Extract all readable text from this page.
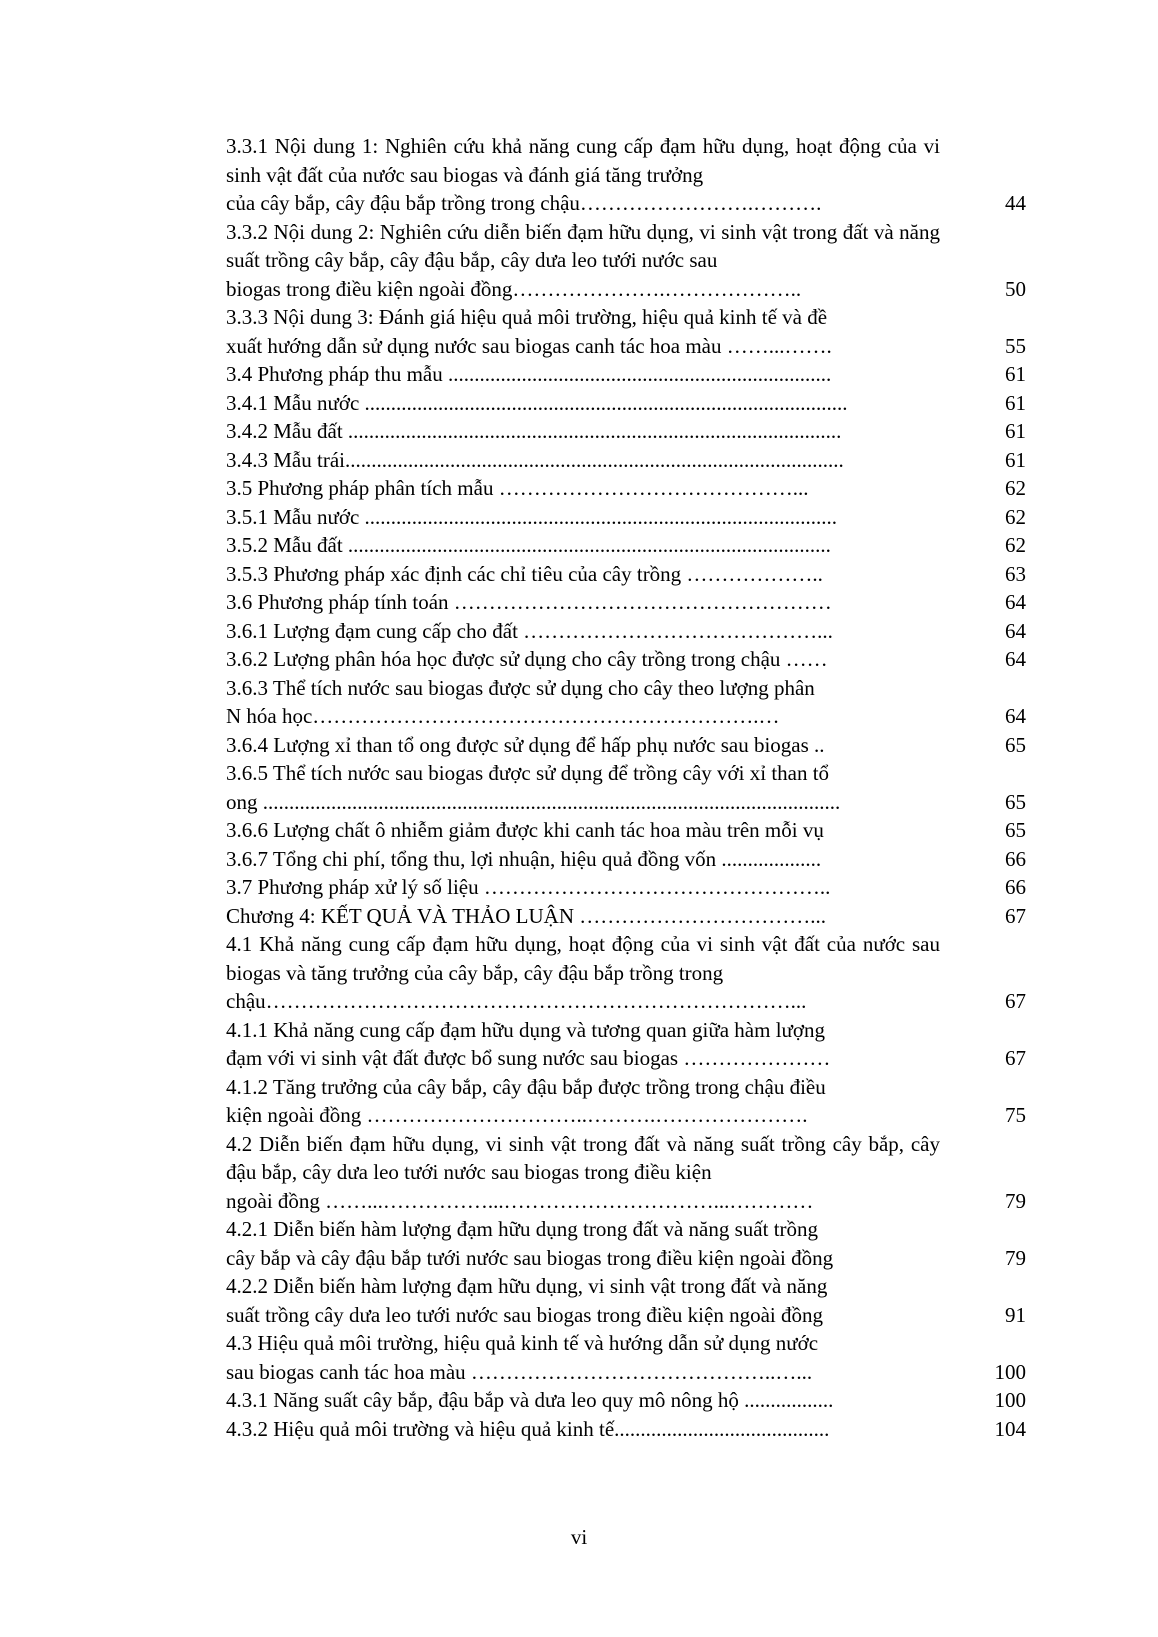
3.3.1 Nội dung 1: Nghiên cứu khả năng cung cấp đạm hữu dụng, hoạt động của vi sinh vật đất của nước sau biogas và đánh giá tăng trưởng
của cây bắp, cây đậu bắp trồng trong chậu…………………….……….	44
3.3.2 Nội dung 2: Nghiên cứu diễn biến đạm hữu dụng, vi sinh vật trong đất và năng suất trồng cây bắp, cây đậu bắp, cây dưa leo tưới nước sau
biogas trong điều kiện ngoài đồng………………….………………..	50
3.3.3 Nội dung 3: Đánh giá hiệu quả môi trường, hiệu quả kinh tế và đề
xuất hướng dẫn sử dụng nước sau biogas canh tác hoa màu ……...…….	55
3.4 Phương pháp thu mẫu .........................................................................	61
3.4.1 Mẫu nước ............................................................................................	61
3.4.2 Mẫu đất ..............................................................................................	61
3.4.3 Mẫu trái...............................................................................................	61
3.5 Phương pháp phân tích mẫu ……………………………………...	62
3.5.1 Mẫu nước ..........................................................................................	62
3.5.2 Mẫu đất ............................................................................................	62
3.5.3 Phương pháp xác định các chỉ tiêu của cây trồng ………………..	63
3.6 Phương pháp tính toán ………………………………………………	64
3.6.1 Lượng đạm cung cấp cho đất ……………………………………...	64
3.6.2 Lượng phân hóa học được sử dụng cho cây trồng trong chậu ……	64
3.6.3 Thể tích nước sau biogas được sử dụng cho cây theo lượng phân
N hóa học……………………………………………………….…	64
3.6.4 Lượng xỉ than tổ ong được sử dụng để hấp phụ nước sau biogas ..	65
3.6.5 Thể tích nước sau biogas được sử dụng để trồng cây với xỉ than tổ
ong ..............................................................................................................	65
3.6.6 Lượng chất ô nhiễm giảm được khi canh tác hoa màu trên mỗi vụ	65
3.6.7 Tổng chi phí, tổng thu, lợi nhuận, hiệu quả đồng vốn ...................	66
3.7 Phương pháp xử lý số liệu …………………………………………..	66
Chương 4: KẾT QUẢ VÀ THẢO LUẬN ……………………………...	67
4.1 Khả năng cung cấp đạm hữu dụng, hoạt động của vi sinh vật đất của nước sau biogas và tăng trưởng của cây bắp, cây đậu bắp trồng trong
chậu…………………………………………………………………...	67
4.1.1 Khả năng cung cấp đạm hữu dụng và tương quan giữa hàm lượng
đạm với vi sinh vật đất được bổ sung nước sau biogas …………………	67
4.1.2 Tăng trưởng của cây bắp, cây đậu bắp được trồng trong chậu điều
kiện ngoài đồng …………………………..……….………………….	75
4.2 Diễn biến đạm hữu dụng, vi sinh vật trong đất và năng suất trồng cây bắp, cây đậu bắp, cây dưa leo tưới nước sau biogas trong điều kiện
ngoài đồng ……...……………...…………………………...…………	79
4.2.1 Diễn biến hàm lượng đạm hữu dụng trong đất và năng suất trồng
cây bắp và cây đậu bắp tưới nước sau biogas trong điều kiện ngoài đồng	79
4.2.2 Diễn biến hàm lượng đạm hữu dụng, vi sinh vật trong đất và năng
suất trồng cây dưa leo tưới nước sau biogas trong điều kiện ngoài đồng	91
4.3 Hiệu quả môi trường, hiệu quả kinh tế và hướng dẫn sử dụng nước
sau biogas canh tác hoa màu ……………………………………..…...	100
4.3.1 Năng suất cây bắp, đậu bắp và dưa leo quy mô nông hộ .................	100
4.3.2 Hiệu quả môi trường và hiệu quả kinh tế.........................................	104
vi
